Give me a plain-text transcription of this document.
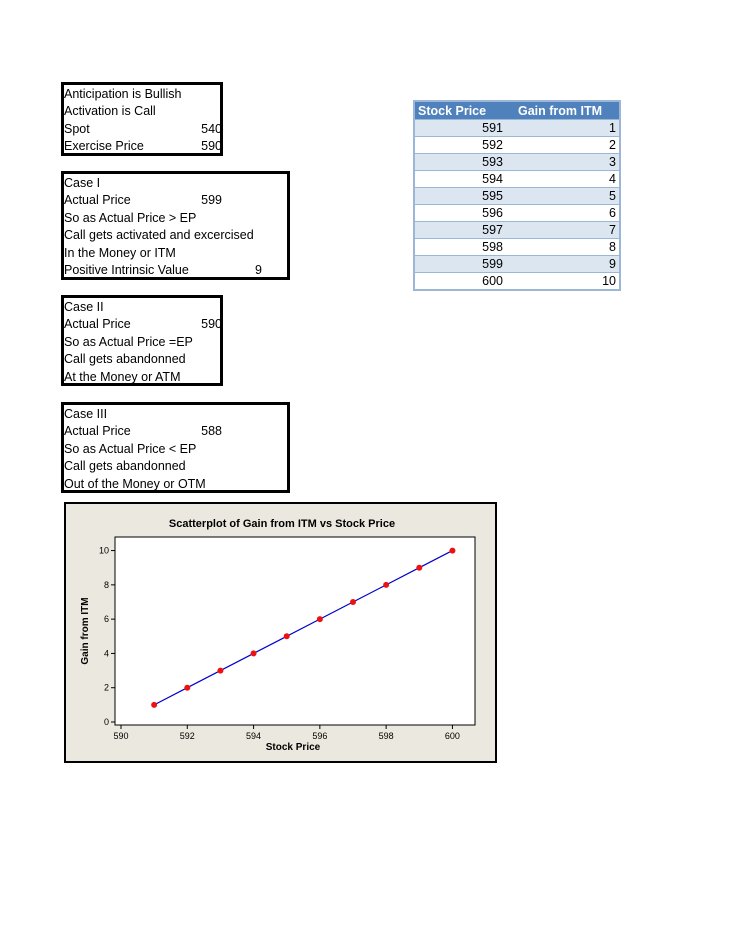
Anticipation is Bullish
Activation is Call
Spot	540
Exercise Price	590
Case I
Actual Price	599
So as Actual Price > EP
Call gets activated and excercised
In the Money or ITM
Positive Intrinsic Value	9
Case II
Actual Price	590
So as Actual Price =EP
Call gets abandonned
At the Money or ATM
Case III
Actual Price	588
So as Actual Price < EP
Call gets abandonned
Out of the Money or OTM
Stock Price	Gain from ITM
591	1
592	2
593	3
594	4
595	5
596	6
597	7
598	8
599	9
600	10
Scatterplot of Gain from ITM vs Stock Price
590	592	594	596	598	600
0
2
4
6
8
10
Stock Price
Gain from ITM
